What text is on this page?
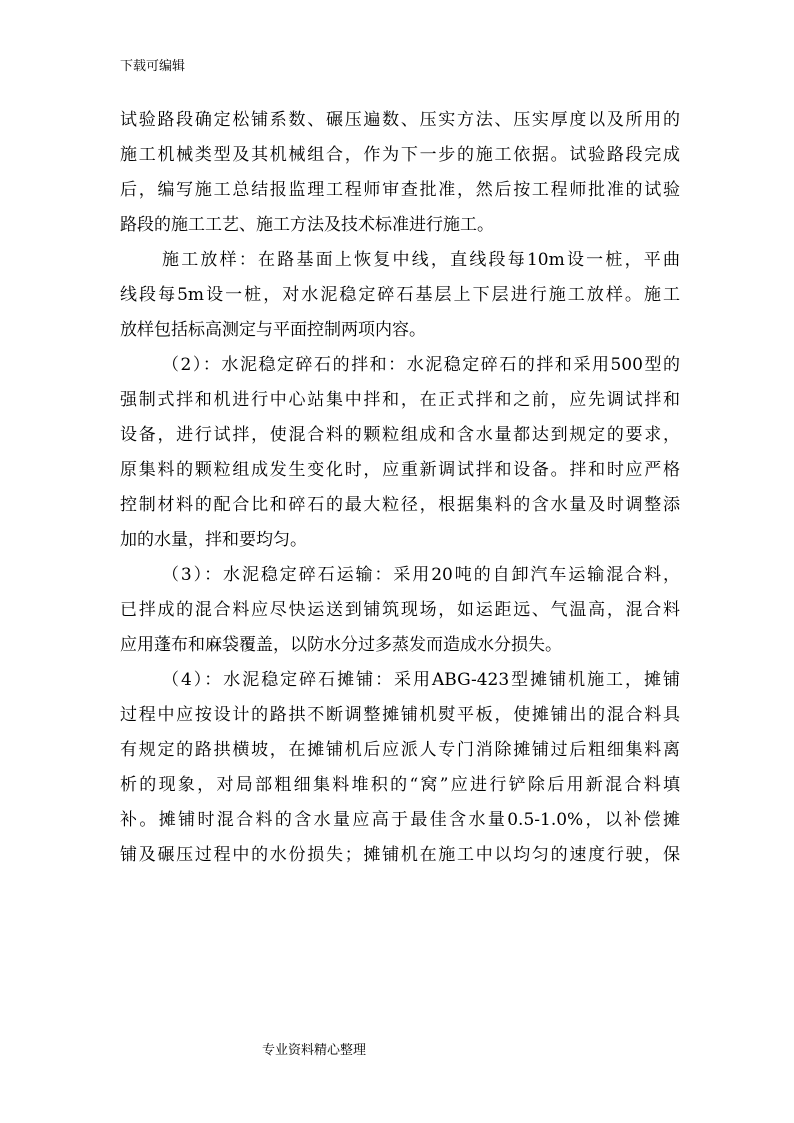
下载可编辑
试验路段确定松铺系数、碾压遍数、压实方法、压实厚度以及所用的
施工机械类型及其机械组合，作为下一步的施工依据。试验路段完成
后，编写施工总结报监理工程师审查批准，然后按工程师批准的试验
路段的施工工艺、施工方法及技术标准进行施工。
施工放样：在路基面上恢复中线，直线段每10m设一桩，平曲
线段每5m设一桩，对水泥稳定碎石基层上下层进行施工放样。施工
放样包括标高测定与平面控制两项内容。
（2）：水泥稳定碎石的拌和：水泥稳定碎石的拌和采用500型的
强制式拌和机进行中心站集中拌和，在正式拌和之前，应先调试拌和
设备，进行试拌，使混合料的颗粒组成和含水量都达到规定的要求，
原集料的颗粒组成发生变化时，应重新调试拌和设备。拌和时应严格
控制材料的配合比和碎石的最大粒径，根据集料的含水量及时调整添
加的水量，拌和要均匀。
（3）：水泥稳定碎石运输：采用20吨的自卸汽车运输混合料，
已拌成的混合料应尽快运送到铺筑现场，如运距远、气温高，混合料
应用蓬布和麻袋覆盖，以防水分过多蒸发而造成水分损失。
（4）：水泥稳定碎石摊铺：采用ABG-423型摊铺机施工，摊铺
过程中应按设计的路拱不断调整摊铺机熨平板，使摊铺出的混合料具
有规定的路拱横坡，在摊铺机后应派人专门消除摊铺过后粗细集料离
析的现象，对局部粗细集料堆积的“窝”应进行铲除后用新混合料填
补。摊铺时混合料的含水量应高于最佳含水量0.5-1.0%，以补偿摊
铺及碾压过程中的水份损失；摊铺机在施工中以均匀的速度行驶，保
专业资料精心整理
